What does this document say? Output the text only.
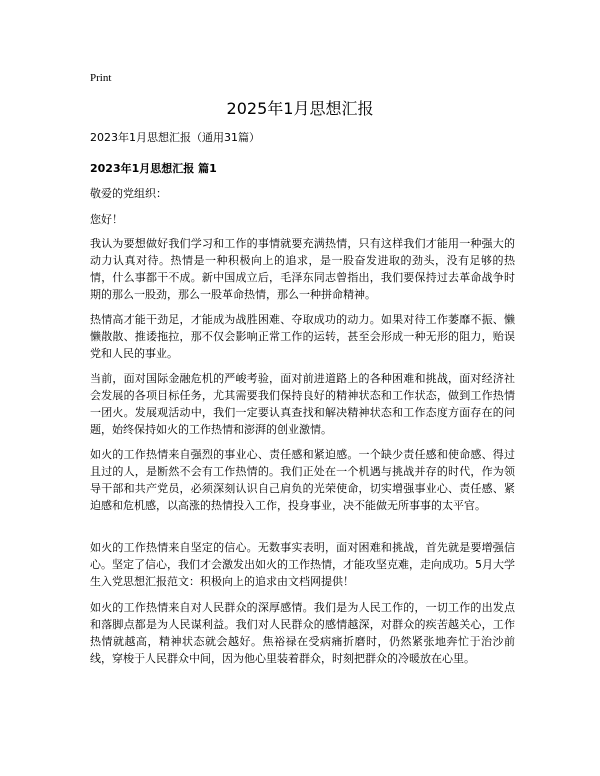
Print
2025年1月思想汇报
2023年1月思想汇报（通用31篇）
2023年1月思想汇报 篇1
敬爱的党组织：
您好！

我认为要想做好我们学习和工作的事情就要充满热情，只有这样我们才能用一种强大的动力认真对待。热情是一种积极向上的追求，是一股奋发进取的劲头，没有足够的热情，什么事都干不成。新中国成立后，毛泽东同志曾指出，我们要保持过去革命战争时期的那么一股劲，那么一股革命热情，那么一种拼命精神。

热情高才能干劲足，才能成为战胜困难、夺取成功的动力。如果对待工作萎靡不振、懒懒散散、推诿拖拉，那不仅会影响正常工作的运转，甚至会形成一种无形的阻力，贻误党和人民的事业。

当前，面对国际金融危机的严峻考验，面对前进道路上的各种困难和挑战，面对经济社会发展的各项目标任务，尤其需要我们保持良好的精神状态和工作状态，做到工作热情一团火。发展观活动中，我们一定要认真查找和解决精神状态和工作态度方面存在的问题，始终保持如火的工作热情和澎湃的创业激情。

如火的工作热情来自强烈的事业心、责任感和紧迫感。一个缺少责任感和使命感、得过且过的人，是断然不会有工作热情的。我们正处在一个机遇与挑战并存的时代，作为领导干部和共产党员，必须深刻认识自己肩负的光荣使命，切实增强事业心、责任感、紧迫感和危机感，以高涨的热情投入工作，投身事业，决不能做无所事事的太平官。

如火的工作热情来自坚定的信心。无数事实表明，面对困难和挑战，首先就是要增强信心。坚定了信心，我们才会激发出如火的工作热情，才能攻坚克难，走向成功。5月大学生入党思想汇报范文：积极向上的追求由文档网提供！

如火的工作热情来自对人民群众的深厚感情。我们是为人民工作的，一切工作的出发点和落脚点都是为人民谋利益。我们对人民群众的感情越深，对群众的疾苦越关心，工作热情就越高，精神状态就会越好。焦裕禄在受病痛折磨时，仍然紧张地奔忙于治沙前线，穿梭于人民群众中间，因为他心里装着群众，时刻把群众的冷暖放在心里。
